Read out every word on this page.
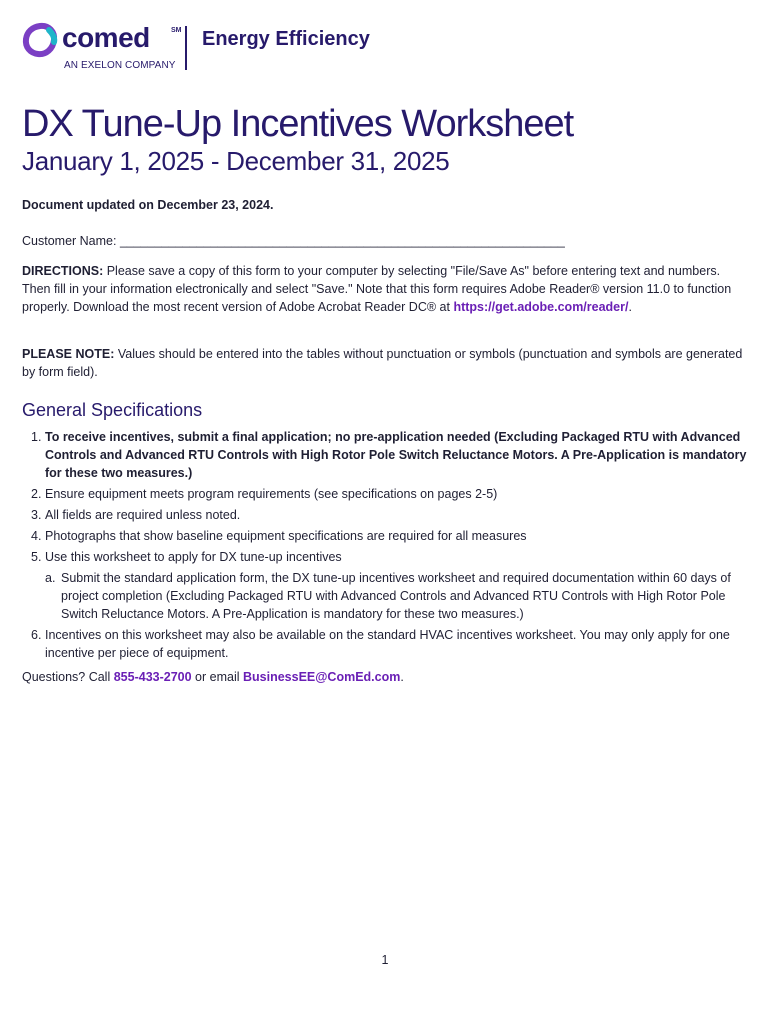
comed	SM
AN EXELON COMPANY
Energy Efficiency
DX Tune-Up Incentives Worksheet
January 1, 2025 - December 31, 2025
Document updated on December 23, 2024.
Customer Name: ________________________________________________________________

DIRECTIONS: Please save a copy of this form to your computer by selecting "File/Save As" before entering text and numbers. Then fill in your information electronically and select "Save." Note that this form requires Adobe Reader® version 11.0 to function properly. Download the most recent version of Adobe Acrobat Reader DC® at https://get.adobe.com/reader/.

PLEASE NOTE: Values should be entered into the tables without punctuation or symbols (punctuation and symbols are generated by form field).

General Specifications
1. To receive incentives, submit a final application; no pre-application needed (Excluding Packaged RTU with Advanced Controls and Advanced RTU Controls with High Rotor Pole Switch Reluctance Motors. A Pre-Application is mandatory for these two measures.)
2. Ensure equipment meets program requirements (see specifications on pages 2-5)
3. All fields are required unless noted.
4. Photographs that show baseline equipment specifications are required for all measures
5. Use this worksheet to apply for DX tune-up incentives
a. Submit the standard application form, the DX tune-up incentives worksheet and required documentation within 60 days of project completion (Excluding Packaged RTU with Advanced Controls and Advanced RTU Controls with High Rotor Pole Switch Reluctance Motors. A Pre-Application is mandatory for these two measures.)
6. Incentives on this worksheet may also be available on the standard HVAC incentives worksheet. You may only apply for one incentive per piece of equipment.

Questions? Call 855-433-2700 or email BusinessEE@ComEd.com.

1
